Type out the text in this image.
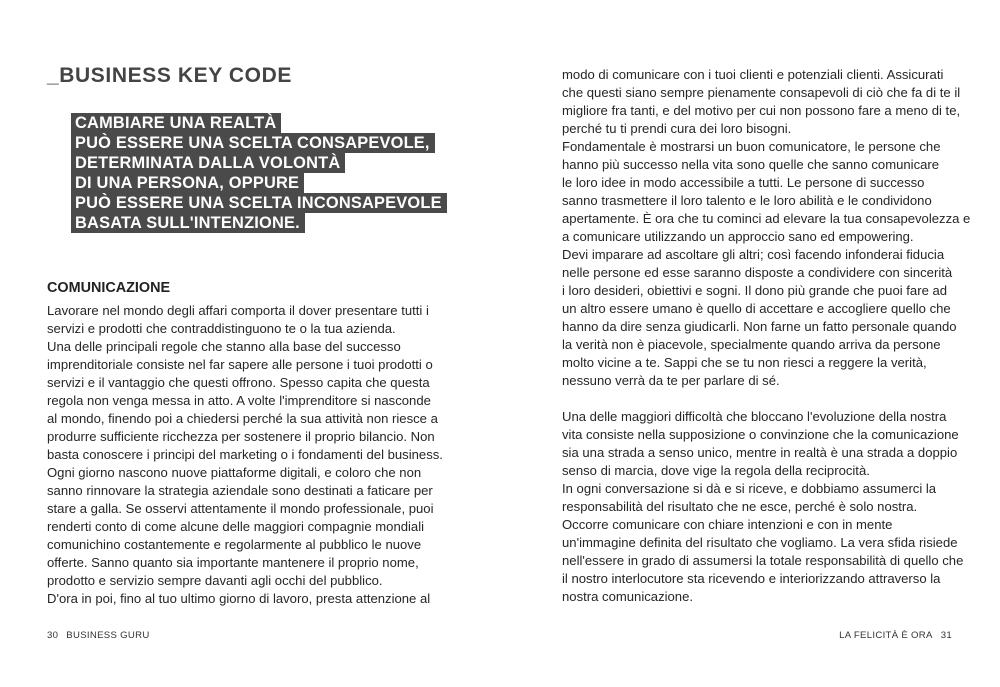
_BUSINESS KEY CODE

CAMBIARE UNA REALTÀ

PUÒ ESSERE UNA SCELTA CONSAPEVOLE,

DETERMINATA DALLA VOLONTÀ

DI UNA PERSONA, OPPURE

PUÒ ESSERE UNA SCELTA INCONSAPEVOLE

BASATA SULL'INTENZIONE.

COMUNICAZIONE
Lavorare nel mondo degli affari comporta il dover presentare tutti i
servizi e prodotti che contraddistinguono te o la tua azienda.
Una delle principali regole che stanno alla base del successo
imprenditoriale consiste nel far sapere alle persone i tuoi prodotti o
servizi e il vantaggio che questi offrono. Spesso capita che questa
regola non venga messa in atto. A volte l'imprenditore si nasconde
al mondo, finendo poi a chiedersi perché la sua attività non riesce a
produrre sufficiente ricchezza per sostenere il proprio bilancio. Non
basta conoscere i principi del marketing o i fondamenti del business.
Ogni giorno nascono nuove piattaforme digitali, e coloro che non
sanno rinnovare la strategia aziendale sono destinati a faticare per
stare a galla. Se osservi attentamente il mondo professionale, puoi
renderti conto di come alcune delle maggiori compagnie mondiali
comunichino costantemente e regolarmente al pubblico le nuove
offerte. Sanno quanto sia importante mantenere il proprio nome,
prodotto e servizio sempre davanti agli occhi del pubblico.
D'ora in poi, fino al tuo ultimo giorno di lavoro, presta attenzione al
30 BUSINESS GURU
modo di comunicare con i tuoi clienti e potenziali clienti. Assicurati
che questi siano sempre pienamente consapevoli di ciò che fa di te il
migliore fra tanti, e del motivo per cui non possono fare a meno di te,
perché tu ti prendi cura dei loro bisogni.
Fondamentale è mostrarsi un buon comunicatore, le persone che
hanno più successo nella vita sono quelle che sanno comunicare
le loro idee in modo accessibile a tutti. Le persone di successo
sanno trasmettere il loro talento e le loro abilità e le condividono
apertamente. È ora che tu cominci ad elevare la tua consapevolezza e
a comunicare utilizzando un approccio sano ed empowering.
Devi imparare ad ascoltare gli altri; così facendo infonderai fiducia
nelle persone ed esse saranno disposte a condividere con sincerità
i loro desideri, obiettivi e sogni. Il dono più grande che puoi fare ad
un altro essere umano è quello di accettare e accogliere quello che
hanno da dire senza giudicarli. Non farne un fatto personale quando
la verità non è piacevole, specialmente quando arriva da persone
molto vicine a te. Sappi che se tu non riesci a reggere la verità,
nessuno verrà da te per parlare di sé.
Una delle maggiori difficoltà che bloccano l'evoluzione della nostra
vita consiste nella supposizione o convinzione che la comunicazione
sia una strada a senso unico, mentre in realtà è una strada a doppio
senso di marcia, dove vige la regola della reciprocità.
In ogni conversazione si dà e si riceve, e dobbiamo assumerci la
responsabilità del risultato che ne esce, perché è solo nostra.
Occorre comunicare con chiare intenzioni e con in mente
un'immagine definita del risultato che vogliamo. La vera sfida risiede
nell'essere in grado di assumersi la totale responsabilità di quello che
il nostro interlocutore sta ricevendo e interiorizzando attraverso la
nostra comunicazione.
LA FELICITÀ È ORA 31
